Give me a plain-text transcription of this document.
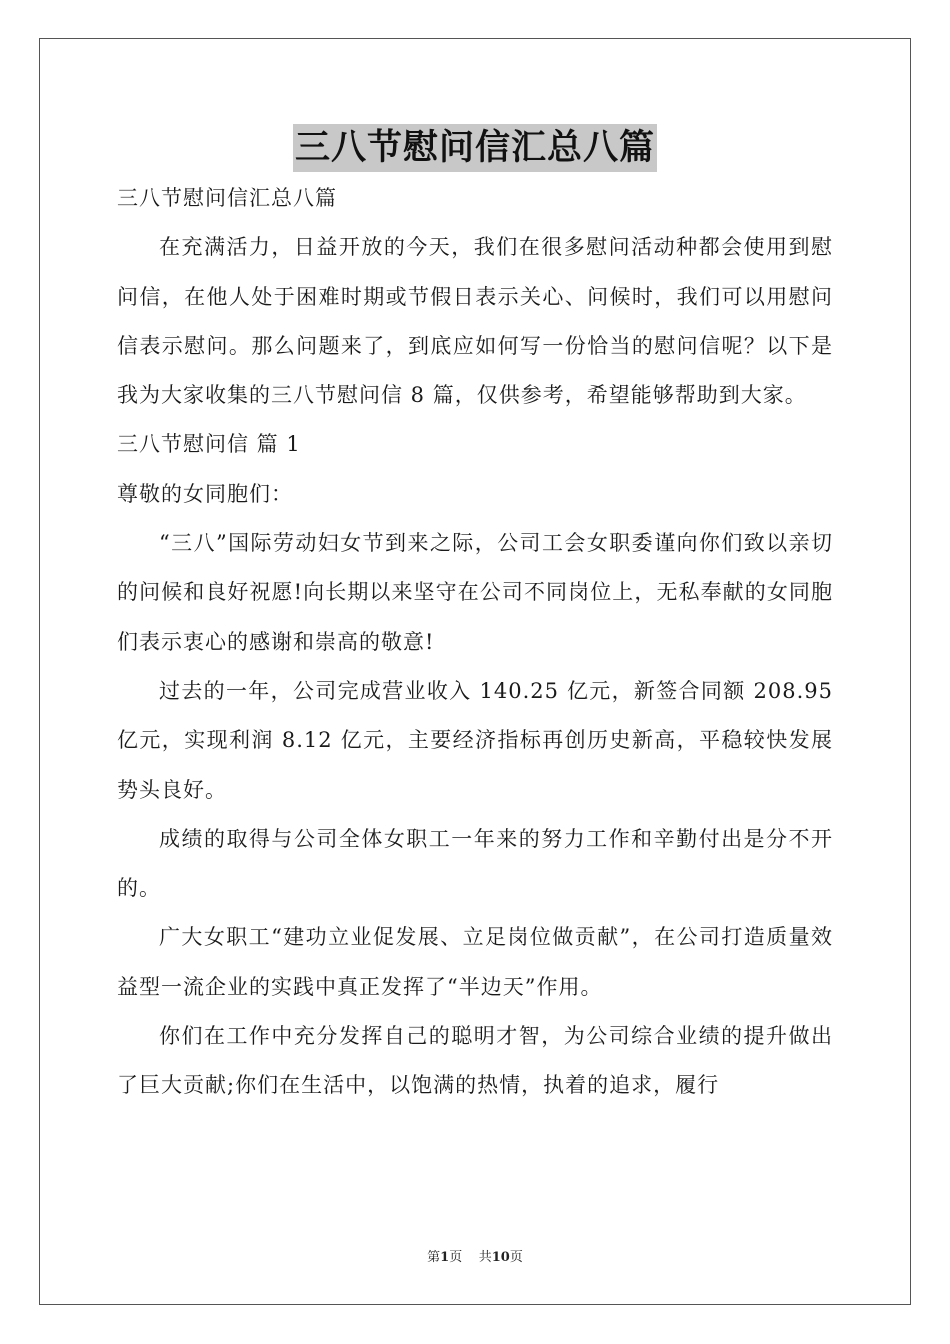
三八节慰问信汇总八篇

三八节慰问信汇总八篇

在充满活力，日益开放的今天，我们在很多慰问活动种都会使用到慰问信，在他人处于困难时期或节假日表示关心、问候时，我们可以用慰问信表示慰问。那么问题来了，到底应如何写一份恰当的慰问信呢？以下是我为大家收集的三八节慰问信 8 篇，仅供参考，希望能够帮助到大家。

三八节慰问信 篇 1

尊敬的女同胞们：

“三八”国际劳动妇女节到来之际，公司工会女职委谨向你们致以亲切的问候和良好祝愿!向长期以来坚守在公司不同岗位上，无私奉献的女同胞们表示衷心的感谢和崇高的敬意!

过去的一年，公司完成营业收入 140.25 亿元，新签合同额 208.95 亿元，实现利润 8.12 亿元，主要经济指标再创历史新高，平稳较快发展势头良好。

成绩的取得与公司全体女职工一年来的努力工作和辛勤付出是分不开的。

广大女职工“建功立业促发展、立足岗位做贡献”，在公司打造质量效益型一流企业的实践中真正发挥了“半边天”作用。

你们在工作中充分发挥自己的聪明才智，为公司综合业绩的提升做出了巨大贡献;你们在生活中，以饱满的热情，执着的追求，履行

第1页 共10页
